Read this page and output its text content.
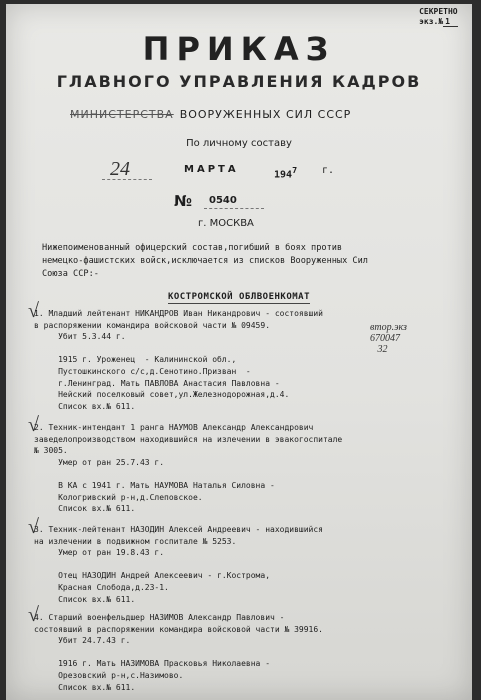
СЕКРЕТНО
экз.№ 1
ПРИКАЗ
ГЛАВНОГО УПРАВЛЕНИЯ КАДРОВ
МИНИСТЕРСТВА ВООРУЖЕННЫХ СИЛ СССР
По личному составу
24	МАРТА	$194^7$ г.
№ 0540
г. МОСКВА
Нижепоименованный офицерский состав,погибший в боях против
немецко-фашистских войск,исключается из списков Вооруженных Сил
Союза ССР:-
КОСТРОМСКОЙ ОБЛВОЕНКОМАТ
√
1. Младший лейтенант НИКАНДРОВ Иван Никандрович - состоявший
в распоряжении командира войсковой части № 09459.
Убит 5.3.44 г.

1915 г. Уроженец  - Калининской обл.,
Пустошкинского с/с,д.Сенотино.Призван  -
г.Ленинград. Мать ПАВЛОВА Анастасия Павловна -
Нейский поселковый совет,ул.Железнодорожная,д.4.
Список вх.№ 611.
втор.экз
670047
32
√
2. Техник-интендант 1 ранга НАУМОВ Александр Александрович
заведелопроизводством находившийся на излечении в эвакогоспитале
№ 3005.
Умер от ран 25.7.43 г.

В КА с 1941 г. Мать НАУМОВА Наталья Силовна -
Кологривский р-н,д.Слеповское.
Список вх.№ 611.
√
3. Техник-лейтенант НАЗОДИН Алексей Андреевич - находившийся
на излечении в подвижном госпитале № 5253.
Умер от ран 19.8.43 г.

Отец НАЗОДИН Андрей Алексеевич - г.Кострома,
Красная Слобода,д.23-1.
Список вх.№ 611.
√
4. Старший военфельдшер НАЗИМОВ Александр Павлович -
состоявший в распоряжении командира войсковой части № 39916.
Убит 24.7.43 г.

1916 г. Мать НАЗИМОВА Прасковья Николаевна -
Орезовский р-н,с.Назимово.
Список вх.№ 611.
